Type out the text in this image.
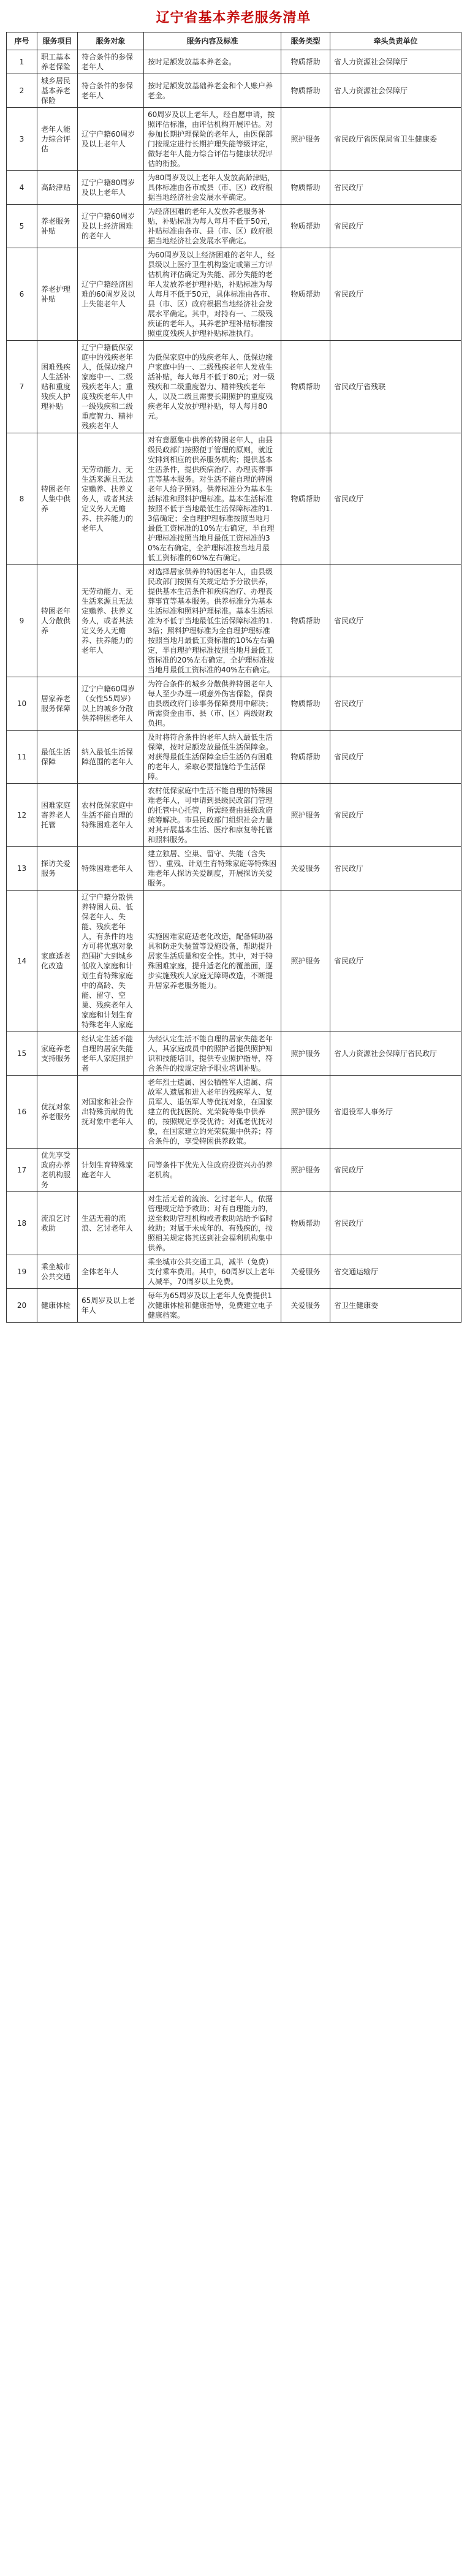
辽宁省基本养老服务清单
序号	服务项目	服务对象	服务内容及标准	服务类型	牵头负责单位
1	职工基本养老保险	符合条件的参保老年人	按时足额发放基本养老金。	物质帮助	省人力资源社会保障厅
2	城乡居民基本养老保险	符合条件的参保老年人	按时足额发放基础养老金和个人账户养老金。	物质帮助	省人力资源社会保障厅
3	老年人能力综合评估	辽宁户籍60周岁及以上老年人	60周岁及以上老年人，经自愿申请，按照评估标准，由评估机构开展评估。对参加长期护理保险的老年人，由医保部门按规定进行长期护理失能等级评定，做好老年人能力综合评估与健康状况评估的衔接。	照护服务	省民政厅省医保局省卫生健康委
4	高龄津贴	辽宁户籍80周岁及以上老年人	为80周岁及以上老年人发放高龄津贴，具体标准由各市或县（市、区）政府根据当地经济社会发展水平确定。	物质帮助	省民政厅
5	养老服务补贴	辽宁户籍60周岁及以上经济困难的老年人	为经济困难的老年人发放养老服务补贴，补贴标准为每人每月不低于50元，补贴标准由各市、县（市、区）政府根据当地经济社会发展水平确定。	物质帮助	省民政厅
6	养老护理补贴	辽宁户籍经济困难的60周岁及以上失能老年人	为60周岁及以上经济困难的老年人，经县级以上医疗卫生机构鉴定或第三方评估机构评估确定为失能、部分失能的老年人发放养老护理补贴，补贴标准为每人每月不低于50元，具体标准由各市、县（市、区）政府根据当地经济社会发展水平确定。其中，对持有一、二级残疾证的老年人，其养老护理补贴标准按照重度残疾人护理补贴标准执行。	物质帮助	省民政厅
7	困难残疾人生活补贴和重度残疾人护理补贴	辽宁户籍低保家庭中的残疾老年人，低保边缘户家庭中一、二级残疾老年人；重度残疾老年人中一级残疾和二级重度智力、精神残疾老年人	为低保家庭中的残疾老年人、低保边缘户家庭中的一、二级残疾老年人发放生活补贴，每人每月不低于80元；对一级残疾和二级重度智力、精神残疾老年人，以及二级且需要长期照护的重度残疾老年人发放护理补贴，每人每月80元。	物质帮助	省民政厅省残联
8	特困老年人集中供养	无劳动能力、无生活来源且无法定赡养、扶养义务人，或者其法定义务人无赡养、扶养能力的老年人	对有意愿集中供养的特困老年人，由县级民政部门按照便于管理的原则，就近安排到相应的供养服务机构；提供基本生活条件，提供疾病治疗、办理丧葬事宜等基本服务。对生活不能自理的特困老年人给予照料。供养标准分为基本生活标准和照料护理标准。基本生活标准按照不低于当地最低生活保障标准的1.3倍确定；全自理护理标准按照当地月最低工资标准的10%左右确定，半自理护理标准按照当地月最低工资标准的30%左右确定，全护理标准按当地月最低工资标准的60%左右确定。	物质帮助	省民政厅
9	特困老年人分散供养	无劳动能力、无生活来源且无法定赡养、扶养义务人，或者其法定义务人无赡养、扶养能力的老年人	对选择居家供养的特困老年人，由县级民政部门按照有关规定给予分散供养，提供基本生活条件和疾病治疗、办理丧葬事宜等基本服务。供养标准分为基本生活标准和照料护理标准。基本生活标准为不低于当地最低生活保障标准的1.3倍；照料护理标准为全自理护理标准按照当地月最低工资标准的10%左右确定，半自理护理标准按照当地月最低工资标准的20%左右确定，全护理标准按当地月最低工资标准的40%左右确定。	物质帮助	省民政厅
10	居家养老服务保障	辽宁户籍60周岁（女性55周岁）以上的城乡分散供养特困老年人	为符合条件的城乡分散供养特困老年人每人至少办理一项意外伤害保险，保费由县级政府门诊事务保障费用中解决；所需资金由市、县（市、区）两级财政负担。	物质帮助	省民政厅
11	最低生活保障	纳入最低生活保障范围的老年人	及时将符合条件的老年人纳入最低生活保障，按时足额发放最低生活保障金。对获得最低生活保障金后生活仍有困难的老年人，采取必要措施给予生活保障。	物质帮助	省民政厅
12	困难家庭寄养老人托管	农村低保家庭中生活不能自理的特殊困难老年人	农村低保家庭中生活不能自理的特殊困难老年人，可申请到县级民政部门管理的托管中心托管，所需经费由县级政府统筹解决。市县民政部门组织社会力量对其开展基本生活、医疗和康复等托管和照料服务。	照护服务	省民政厅
13	探访关爱服务	特殊困难老年人	建立独居、空巢、留守、失能（含失智）、重残、计划生育特殊家庭等特殊困难老年人探访关爱制度，开展探访关爱服务。	关爱服务	省民政厅
14	家庭适老化改造	辽宁户籍分散供养特困人员、低保老年人、失能、残疾老年人，有条件的地方可将优惠对象范围扩大到城乡低收入家庭和计划生育特殊家庭中的高龄、失能、留守、空巢、残疾老年人家庭和计划生育特殊老年人家庭	实施困难家庭适老化改造，配备辅助器具和防走失装置等设施设备，帮助提升居家生活质量和安全性。其中，对于特殊困难家庭，提升适老化的覆盖面，逐步实施残疾人家庭无障碍改造，不断提升居家养老服务能力。	照护服务	省民政厅
15	家庭养老支持服务	经认定生活不能自理的居家失能老年人家庭照护者	为经认定生活不能自理的居家失能老年人，其家庭成员中的照护者提供照护知识和技能培训，提供专业照护指导，符合条件的按规定给予职业培训补贴。	照护服务	省人力资源社会保障厅省民政厅
16	优抚对象养老服务	对国家和社会作出特殊贡献的优抚对象中老年人	老年烈士遗属、因公牺牲军人遗属、病故军人遗属和进入老年的残疾军人、复员军人、退伍军人等优抚对象，在国家建立的优抚医院、光荣院等集中供养的，按照规定享受优待；对孤老优抚对象，在国家建立的光荣院集中供养；符合条件的，享受特困供养政策。	照护服务	省退役军人事务厅
17	优先享受政府办养老机构服务	计划生育特殊家庭老年人	同等条件下优先入住政府投资兴办的养老机构。	照护服务	省民政厅
18	流浪乞讨救助	生活无着的流浪、乞讨老年人	对生活无着的流浪、乞讨老年人，依据管理规定给予救助；对有自理能力的，送至救助管理机构或者救助站给予临时救助；对属于未成年的、有残疾的，按照相关规定将其送到社会福利机构集中供养。	物质帮助	省民政厅
19	乘坐城市公共交通	全体老年人	乘坐城市公共交通工具，减半（免费）支付乘车费用。其中，60周岁以上老年人减半，70周岁以上免费。	关爱服务	省交通运输厅
20	健康体检	65周岁及以上老年人	每年为65周岁及以上老年人免费提供1次健康体检和健康指导，免费建立电子健康档案。	关爱服务	省卫生健康委
